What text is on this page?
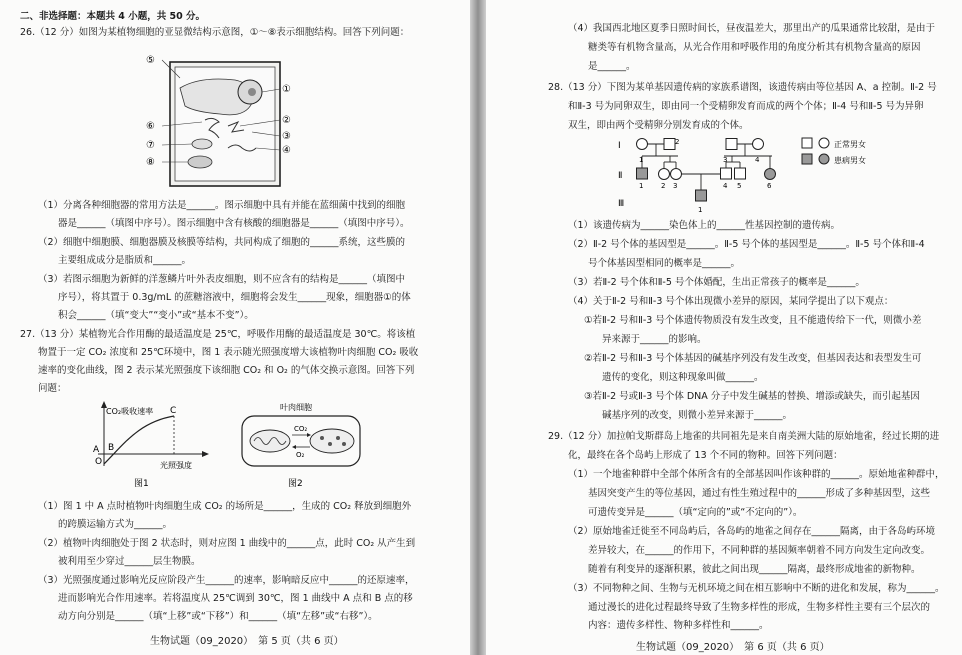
二、非选择题：本题共 4 小题，共 50 分。
26.（12 分）如图为某植物细胞的亚显微结构示意图，①～⑧表示细胞结构。回答下列问题：
⑤
⑥
⑦
⑧
①
②
③
④
（1）分离各种细胞器的常用方法是______。图示细胞中具有并能在蓝细菌中找到的细胞
器是______（填图中序号）。图示细胞中含有核酸的细胞器是______（填图中序号）。
（2）细胞中细胞膜、细胞器膜及核膜等结构，共同构成了细胞的______系统，这些膜的
主要组成成分是脂质和______。
（3）若图示细胞为新鲜的洋葱鳞片叶外表皮细胞，则不应含有的结构是______（填图中
序号），将其置于 0.3g/mL 的蔗糖溶液中，细胞将会发生______现象，细胞器①的体
积会______（填“变大”“变小”或“基本不变”）。
27.（13 分）某植物光合作用酶的最适温度是 25℃，呼吸作用酶的最适温度是 30℃。将该植
物置于一定 CO₂ 浓度和 25℃环境中，图 1 表示随光照强度增大该植物叶肉细胞 CO₂ 吸收
速率的变化曲线，图 2 表示某光照强度下该细胞 CO₂ 和 O₂ 的气体交换示意图。回答下列
问题：
CO₂吸收速率 C
A B
O	光照强度
图1
叶肉细胞
CO₂
O₂
图2
（1）图 1 中 A 点时植物叶肉细胞生成 CO₂ 的场所是______，生成的 CO₂ 释放到细胞外
的跨膜运输方式为______。
（2）植物叶肉细胞处于图 2 状态时，则对应图 1 曲线中的______点，此时 CO₂ 从产生到
被利用至少穿过______层生物膜。
（3）光照强度通过影响光反应阶段产生______的速率，影响暗反应中______的还原速率，
进而影响光合作用速率。若将温度从 25℃调到 30℃，图 1 曲线中 A 点和 B 点的移
动方向分别是______（填“上移”或“下移”）和______（填“左移”或“右移”）。
生物试题（09_2020）　第 5 页（共 6 页）
（4）我国西北地区夏季日照时间长，昼夜温差大，那里出产的瓜果通常比较甜，是由于
糖类等有机物含量高，从光合作用和呼吸作用的角度分析其有机物含量高的原因
是______。
28.（13 分）下图为某单基因遗传病的家族系谱图，该遗传病由等位基因 A、a 控制。Ⅱ-2 号
和Ⅱ-3 号为同卵双生，即由同一个受精卵发育而成的两个个体；Ⅱ-4 号和Ⅱ-5 号为异卵
双生，即由两个受精卵分别发育成的个体。
Ⅰ
Ⅱ
Ⅲ
1
2
3	4
1	2 3	4 5	6
1
正常男女
患病男女
（1）该遗传病为______染色体上的______性基因控制的遗传病。
（2）Ⅱ-2 号个体的基因型是______。Ⅱ-5 号个体的基因型是______。Ⅱ-5 号个体和Ⅱ-4
号个体基因型相同的概率是______。
（3）若Ⅱ-2 号个体和Ⅱ-5 号个体婚配，生出正常孩子的概率是______。
（4）关于Ⅱ-2 号和Ⅱ-3 号个体出现微小差异的原因，某同学提出了以下观点：
①若Ⅱ-2 号和Ⅱ-3 号个体遗传物质没有发生改变，且不能遗传给下一代，则微小差
异来源于______的影响。
②若Ⅱ-2 号和Ⅱ-3 号个体基因的碱基序列没有发生改变，但基因表达和表型发生可
遗传的变化，则这种现象叫做______。
③若Ⅱ-2 号或Ⅱ-3 号个体 DNA 分子中发生碱基的替换、增添或缺失，而引起基因
碱基序列的改变，则微小差异来源于______。
29.（12 分）加拉帕戈斯群岛上地雀的共同祖先是来自南美洲大陆的原始地雀，经过长期的进
化，最终在各个岛屿上形成了 13 个不同的物种。回答下列问题：
（1）一个地雀种群中全部个体所含有的全部基因叫作该种群的______。原始地雀种群中，
基因突变产生的等位基因，通过有性生殖过程中的______形成了多种基因型，这些
可遗传变异是______（填“定向的”或“不定向的”）。
（2）原始地雀迁徙至不同岛屿后，各岛屿的地雀之间存在______隔离，由于各岛屿环境
差异较大，在______的作用下，不同种群的基因频率朝着不同方向发生定向改变。
随着有利变异的逐渐积累，彼此之间出现______隔离，最终形成地雀的新物种。
（3）不同物种之间、生物与无机环境之间在相互影响中不断的进化和发展，称为______。
通过漫长的进化过程最终导致了生物多样性的形成，生物多样性主要有三个层次的
内容：遗传多样性、物种多样性和______。
生物试题（09_2020）　第 6 页（共 6 页）
